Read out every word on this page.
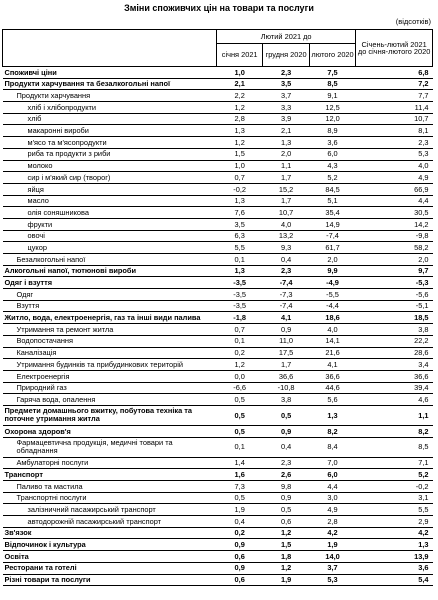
Зміни споживчих цін на товари та послуги
(відсотків)
	Лютий 2021 до			Січень-лютий 2021 до січня-лютого 2020
	січня 2021	грудня 2020	лютого 2020	
Споживчі ціни	1,0	2,3	7,5	6,8
Продукти харчування та безалкогольні напої	2,1	3,5	8,5	7,2
Продукти харчування	2,2	3,7	9,1	7,7
хліб і хлібопродукти	1,2	3,3	12,5	11,4
хліб	2,8	3,9	12,0	10,7
макаронні вироби	1,3	2,1	8,9	8,1
м'ясо та м'ясопродукти	1,2	1,3	3,6	2,3
риба та продукти з риби	1,5	2,0	6,0	5,3
молоко	1,0	1,1	4,3	4,0
сир і м'який сир (творог)	0,7	1,7	5,2	4,9
яйця	-0,2	15,2	84,5	66,9
масло	1,3	1,7	5,1	4,4
олія соняшникова	7,6	10,7	35,4	30,5
фрукти	3,5	4,0	14,9	14,2
овочі	6,3	13,2	-7,4	-9,8
цукор	5,5	9,3	61,7	58,2
Безалкогольні напої	0,1	0,4	2,0	2,0
Алкогольні напої, тютюнові вироби	1,3	2,3	9,9	9,7
Одяг і взуття	-3,5	-7,4	-4,9	-5,3
Одяг	-3,5	-7,3	-5,5	-5,6
Взуття	-3,5	-7,4	-4,4	-5,1
Житло, вода, електроенергія, газ та інші види палива	-1,8	4,1	18,6	18,5
Утримання та ремонт житла	0,7	0,9	4,0	3,8
Водопостачання	0,1	11,0	14,1	22,2
Каналізація	0,2	17,5	21,6	28,6
Утримання будинків та прибудинкових територій	1,2	1,7	4,1	3,4
Електроенергія	0,0	36,6	36,6	36,6
Природний газ	-6,6	-10,8	44,6	39,4
Гаряча вода, опалення	0,5	3,8	5,6	4,6
Предмети домашнього вжитку, побутова техніка та поточне утримання житла	0,5	0,5	1,3	1,1
Охорона здоров'я	0,5	0,9	8,2	8,2
Фармацевтична продукція, медичні товари та обладнання	0,1	0,4	8,4	8,5
Амбулаторні послуги	1,4	2,3	7,0	7,1
Транспорт	1,6	2,6	6,0	5,2
Паливо та мастила	7,3	9,8	4,4	-0,2
Транспортні послуги	0,5	0,9	3,0	3,1
залізничний пасажирський транспорт	1,9	0,5	4,9	5,5
автодорожній пасажирський транспорт	0,4	0,6	2,8	2,9
Зв'язок	0,2	1,2	4,2	4,2
Відпочинок і культура	0,9	1,5	1,9	1,3
Освіта	0,6	1,8	14,0	13,9
Ресторани та готелі	0,9	1,2	3,7	3,6
Різні товари та послуги	0,6	1,9	5,3	5,4
